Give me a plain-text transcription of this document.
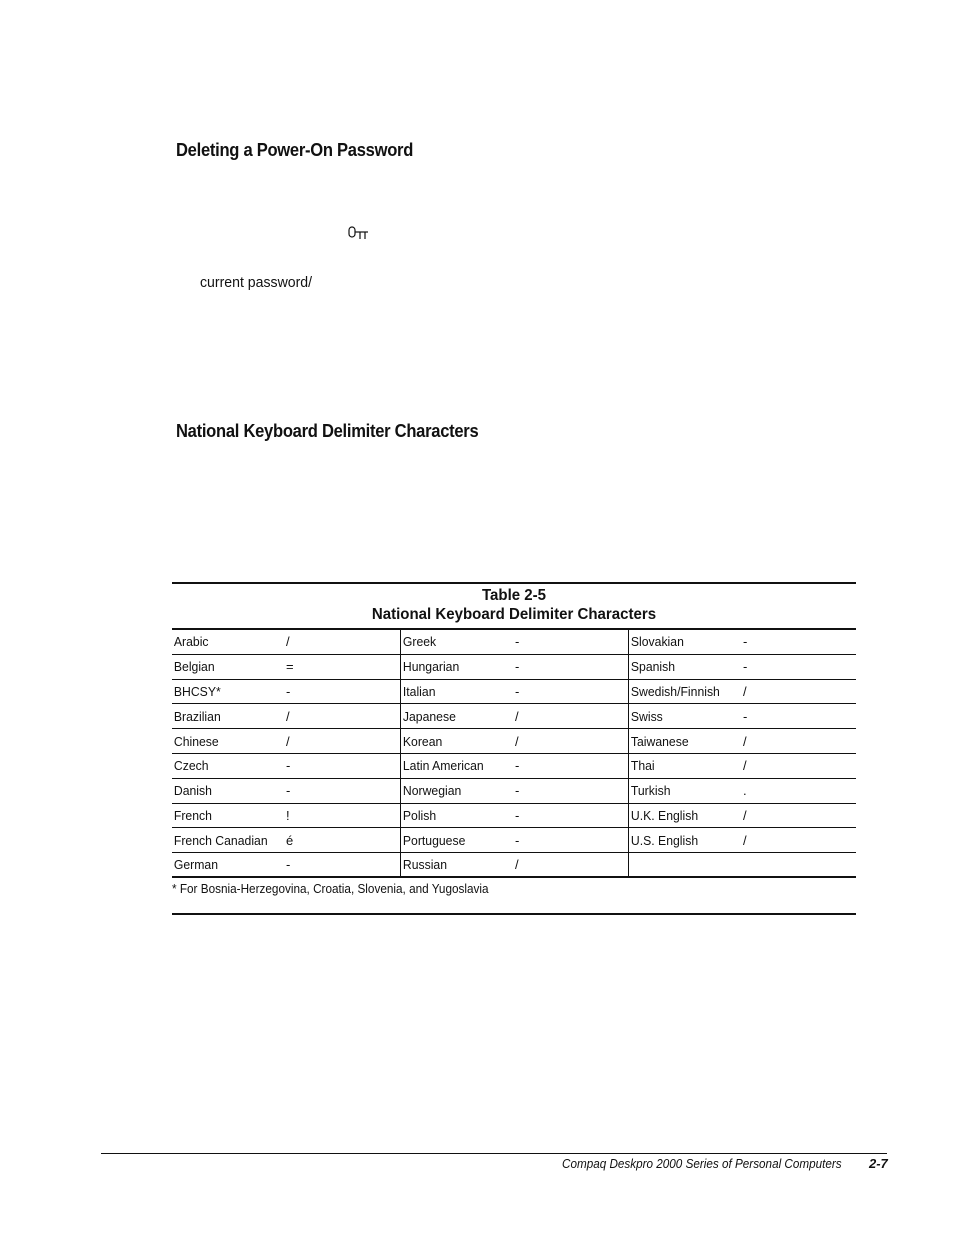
Deleting a Power-On Password
current password/
National Keyboard Delimiter Characters
Table 2-5
National Keyboard Delimiter Characters
Arabic	/	Greek	-	Slovakian	-
Belgian	=	Hungarian	-	Spanish	-
BHCSY*	-	Italian	-	Swedish/Finnish	/
Brazilian	/	Japanese	/	Swiss	-
Chinese	/	Korean	/	Taiwanese	/
Czech	-	Latin American	-	Thai	/
Danish	-	Norwegian	-	Turkish	.
French	!	Polish	-	U.K. English	/
French Canadian	é	Portuguese	-	U.S. English	/
German	-	Russian	/
* For Bosnia-Herzegovina, Croatia, Slovenia, and Yugoslavia
Compaq Deskpro 2000 Series of Personal Computers 2-7
